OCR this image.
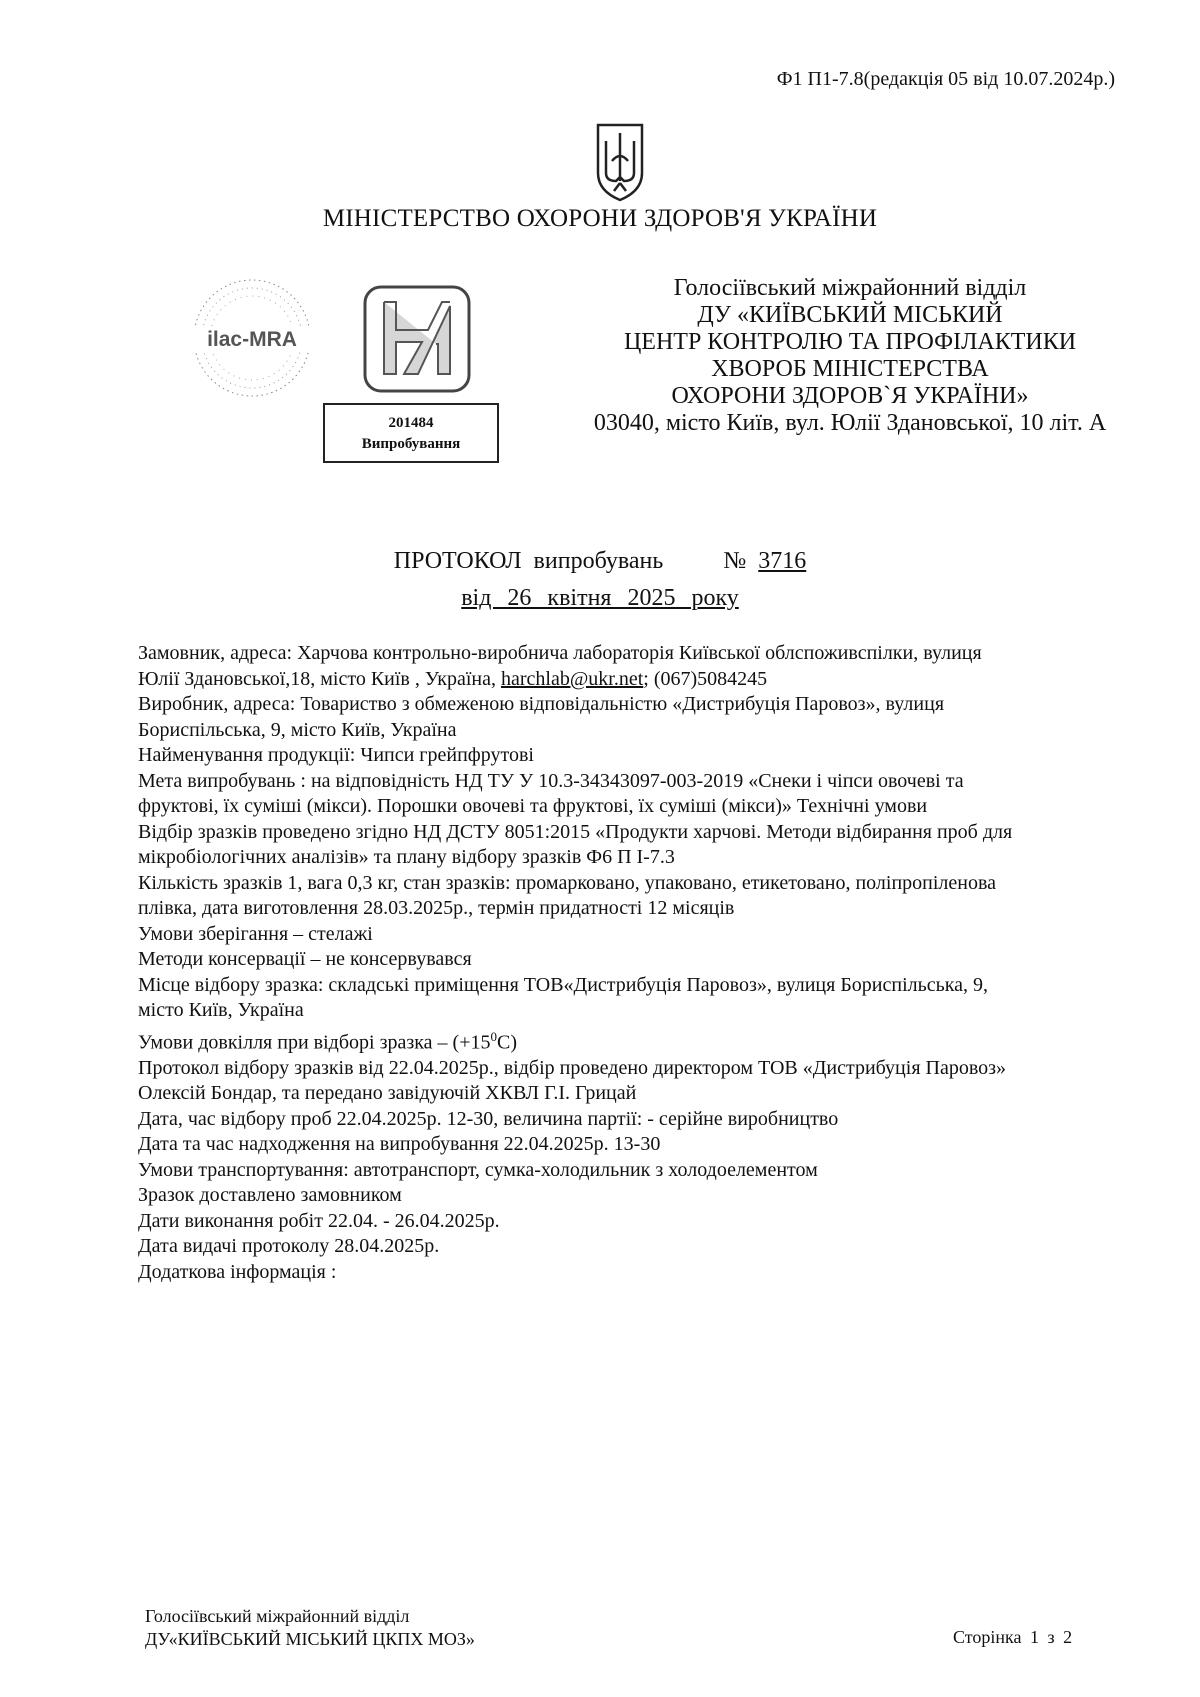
Ф1 П1-7.8(редакція 05 від 10.07.2024р.)
МІНІСТЕРСТВО ОХОРОНИ ЗДОРОВ'Я УКРАЇНИ
ilac-MRA
201484
Випробування
Голосіївський міжрайонний відділ
ДУ «КИЇВСЬКИЙ МІСЬКИЙ
ЦЕНТР КОНТРОЛЮ ТА ПРОФІЛАКТИКИ
ХВОРОБ МІНІСТЕРСТВА
ОХОРОНИ ЗДОРОВ`Я УКРАЇНИ»
03040, місто Київ, вул. Юлії Здановської, 10 літ. А
ПРОТОКОЛ випробувань	№ 3716
від 26 квітня 2025 року

Замовник, адреса: Харчова контрольно-виробнича лабораторія Київської облспоживспілки, вулиця

Юлії Здановської,18, місто Київ , Україна, harchlab@ukr.net; (067)5084245

Виробник, адреса: Товариство з обмеженою відповідальністю «Дистрибуція Паровоз», вулиця

Бориспільська, 9, місто Київ, Україна

Найменування продукції: Чипси грейпфрутові

Мета випробувань : на відповідність НД ТУ У 10.3-34343097-003-2019 «Снеки і чіпси овочеві та

фруктові, їх суміші (мікси). Порошки овочеві та фруктові, їх суміші (мікси)» Технічні умови

Відбір зразків проведено згідно НД ДСТУ 8051:2015 «Продукти харчові. Методи відбирання проб для

мікробіологічних аналізів» та плану відбору зразків Ф6 П І-7.3

Кількість зразків 1, вага 0,3 кг, стан зразків: промарковано, упаковано, етикетовано, поліпропіленова

плівка, дата виготовлення 28.03.2025р., термін придатності 12 місяців

Умови зберігання – стелажі

Методи консервації – не консервувався

Місце відбору зразка: складські приміщення ТОВ«Дистрибуція Паровоз», вулиця Бориспільська, 9,

місто Київ, Україна

Умови довкілля при відборі зразка – $(+15^0С)$

Протокол відбору зразків від 22.04.2025р., відбір проведено директором ТОВ «Дистрибуція Паровоз»

Олексій Бондар, та передано завідуючій ХКВЛ Г.І. Грицай

Дата, час відбору проб 22.04.2025р. 12-30, величина партії: - серійне виробництво

Дата та час надходження на випробування 22.04.2025р. 13-30

Умови транспортування: автотранспорт, сумка-холодильник з холодоелементом

Зразок доставлено замовником

Дати виконання робіт 22.04. - 26.04.2025р.

Дата видачі протоколу 28.04.2025р.

Додаткова інформація :

Голосіївський міжрайонний відділ
ДУ«КИЇВСЬКИЙ МІСЬКИЙ ЦКПХ МОЗ»	Сторінка 1 з 2
